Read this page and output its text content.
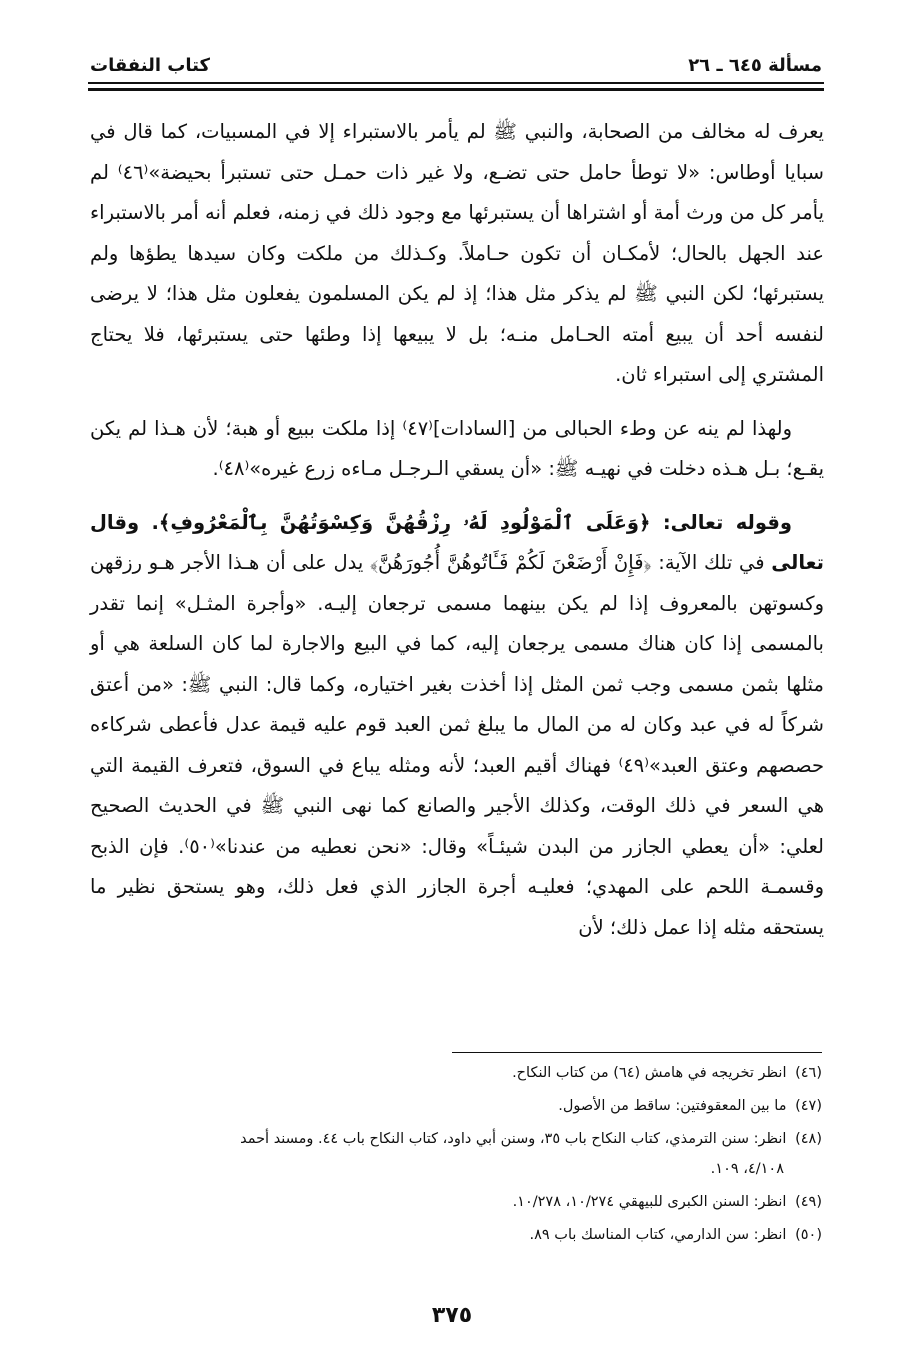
مسألة ٦٤٥ ـ ٢٦
كتاب النفقات

يعرف له مخالف من الصحابة، والنبي ﷺ لم يأمر بالاستبراء إلا في المسبيات، كما قال في سبايا أوطاس: «لا توطأ حامل حتى تضـع، ولا غير ذات حمـل حتى تستبرأ بحيضة»⁽٤٦⁾ لم يأمر كل من ورث أمة أو اشتراها أن يستبرئها مع وجود ذلك في زمنه، فعلم أنه أمر بالاستبراء عند الجهل بالحال؛ لأمكـان أن تكون حـاملاً. وكـذلك من ملكت وكان سيدها يطؤها ولم يستبرئها؛ لكن النبي ﷺ لم يذكر مثل هذا؛ إذ لم يكن المسلمون يفعلون مثل هذا؛ لا يرضى لنفسه أحد أن يبيع أمته الحـامل منـه؛ بل لا يبيعها إذا وطئها حتى يستبرئها، فلا يحتاج المشتري إلى استبراء ثان.

ولهذا لم ينه عن وطء الحبالى من [السادات]⁽٤٧⁾ إذا ملكت ببيع أو هبة؛ لأن هـذا لم يكن يقـع؛ بـل هـذه دخلت في نهيـه ﷺ: «أن يسقي الـرجـل مـاءه زرع غيره»⁽٤٨⁾.

وقوله تعالى: ﴿وَعَلَى ٱلْمَوْلُودِ لَهُۥ رِزْقُهُنَّ وَكِسْوَتُهُنَّ بِٱلْمَعْرُوفِ﴾. وقال تعالى في تلك الآية: ﴿فَإِنْ أَرْضَعْنَ لَكُمْ فَـَٔاتُوهُنَّ أُجُورَهُنَّ﴾ يدل على أن هـذا الأجر هـو رزقهن وكسوتهن بالمعروف إذا لم يكن بينهما مسمى ترجعان إليـه. «وأجرة المثـل» إنما تقدر بالمسمى إذا كان هناك مسمى يرجعان إليه، كما في البيع والاجارة لما كان السلعة هي أو مثلها بثمن مسمى وجب ثمن المثل إذا أخذت بغير اختياره، وكما قال: النبي ﷺ: «من أعتق شركاً له في عبد وكان له من المال ما يبلغ ثمن العبد قوم عليه قيمة عدل فأعطى شركاءه حصصهم وعتق العبد»⁽٤٩⁾ فهناك أقيم العبد؛ لأنه ومثله يباع في السوق، فتعرف القيمة التي هي السعر في ذلك الوقت، وكذلك الأجير والصانع كما نهى النبي ﷺ في الحديث الصحيح لعلي: «أن يعطي الجازر من البدن شيئـاً» وقال: «نحن نعطيه من عندنا»⁽٥٠⁾. فإن الذبح وقسمـة اللحم على المهدي؛ فعليـه أجرة الجازر الذي فعل ذلك، وهو يستحق نظير ما يستحقه مثله إذا عمل ذلك؛ لأن

(٤٦) انظر تخريجه في هامش (٦٤) من كتاب النكاح.

(٤٧) ما بين المعقوفتين: ساقط من الأصول.

(٤٨) انظر: سنن الترمذي، كتاب النكاح باب ٣٥، وسنن أبي داود، كتاب النكاح باب ٤٤. ومسند أحمد
٤/١٠٨، ١٠٩.

(٤٩) انظر: السنن الكبرى للبيهقي ١٠/٢٧٤، ١٠/٢٧٨.

(٥٠) انظر: سن الدارمي، كتاب المناسك باب ٨٩.

٣٧٥
